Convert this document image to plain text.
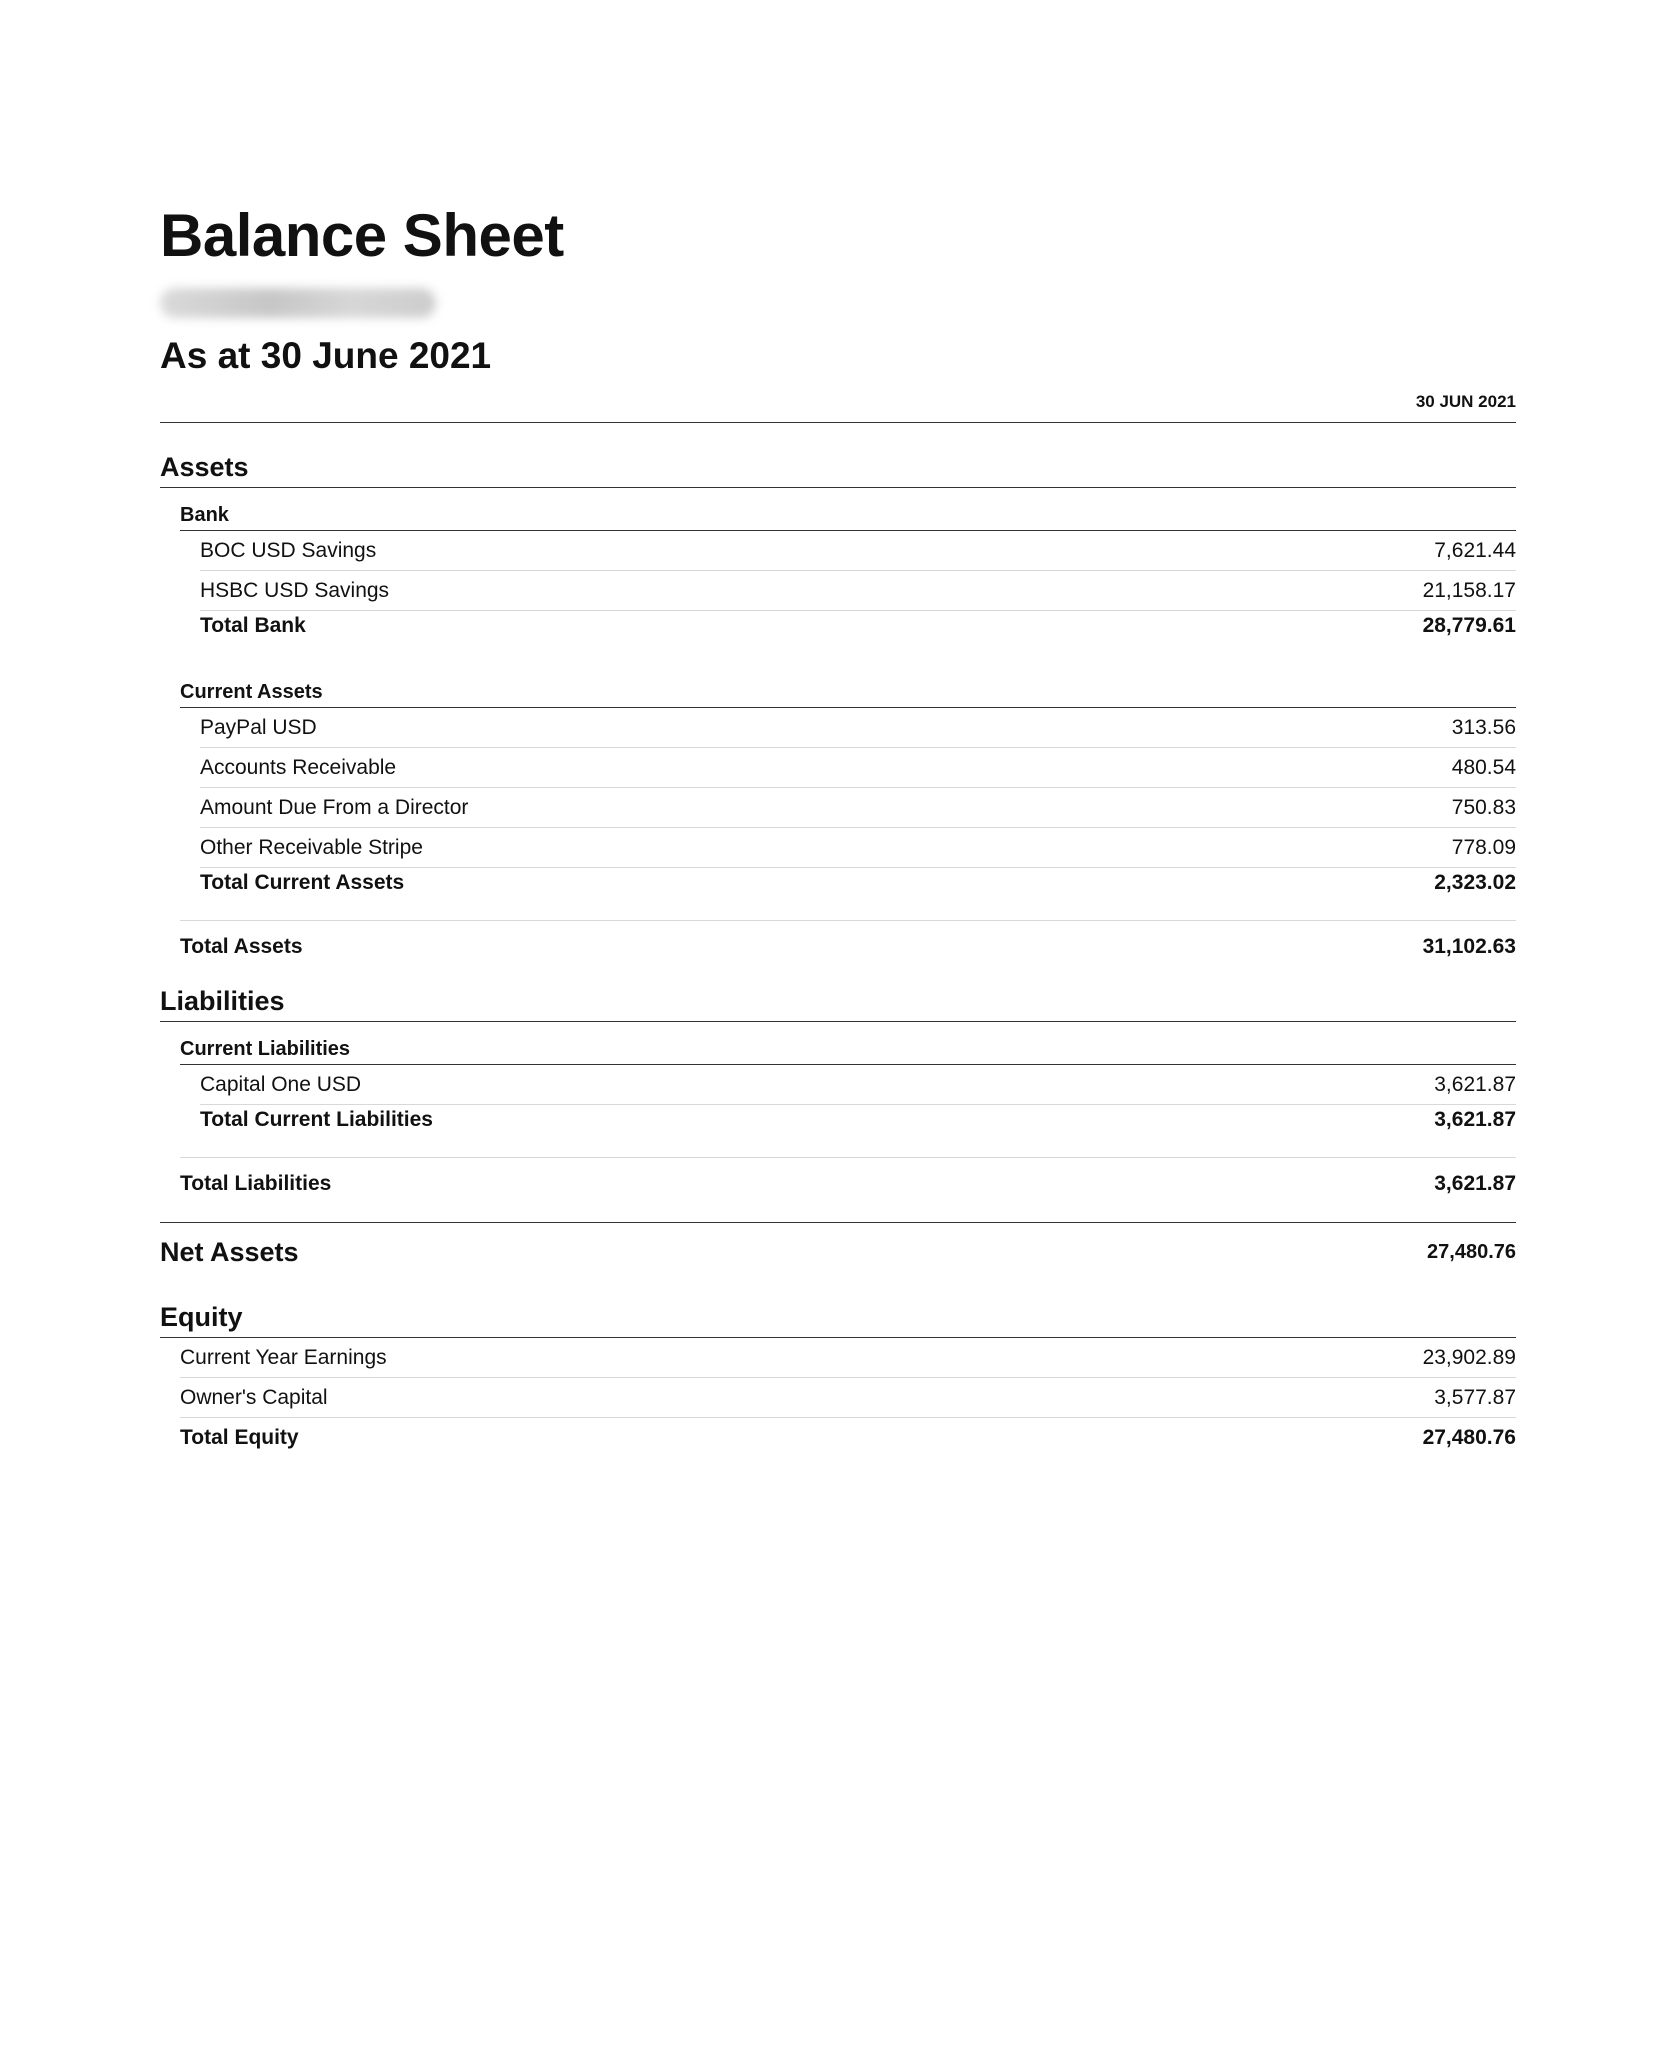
Balance Sheet
As at 30 June 2021
30 JUN 2021
Assets
Bank
BOC USD Savings	7,621.44
HSBC USD Savings	21,158.17
Total Bank	28,779.61
Current Assets
PayPal USD	313.56
Accounts Receivable	480.54
Amount Due From a Director	750.83
Other Receivable Stripe	778.09
Total Current Assets	2,323.02
Total Assets	31,102.63
Liabilities
Current Liabilities
Capital One USD	3,621.87
Total Current Liabilities	3,621.87
Total Liabilities	3,621.87
Net Assets	27,480.76
Equity
Current Year Earnings	23,902.89
Owner's Capital	3,577.87
Total Equity	27,480.76
